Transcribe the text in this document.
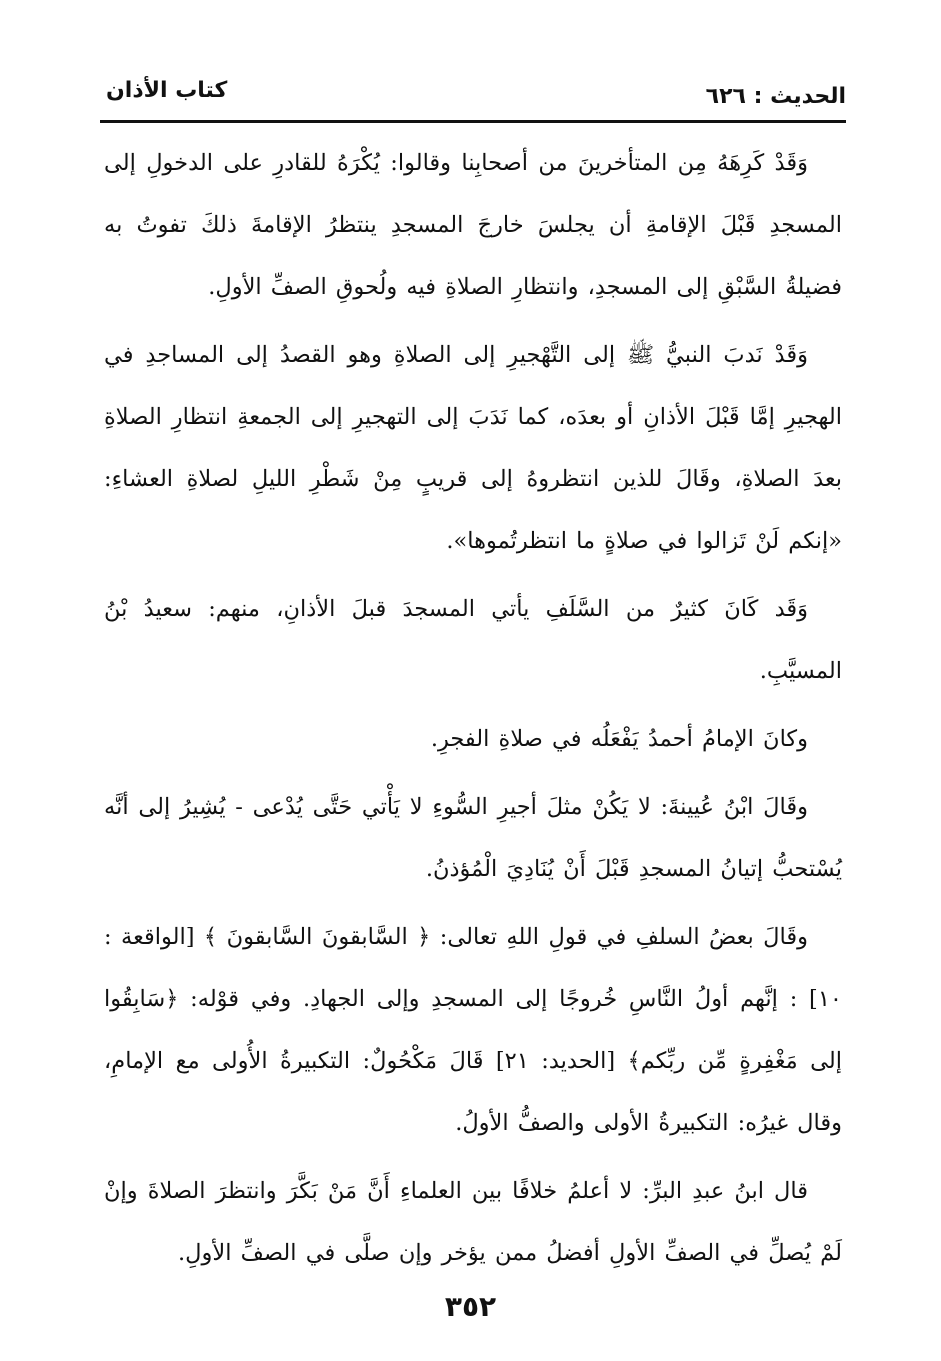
الحديث : ٦٢٦
كتاب الأذان

وَقَدْ كَرِهَهُ مِن المتأخرينَ من أصحابِنا وقالوا: يُكْرَهُ للقادرِ على الدخولِ إلى المسجدِ قَبْلَ الإقامةِ أن يجلسَ خارجَ المسجدِ ينتظرُ الإقامةَ ذلكَ تفوتُ به فضيلةُ السَّبْقِ إلى المسجدِ، وانتظارِ الصلاةِ فيه ولُحوقِ الصفِّ الأولِ.

وَقَدْ نَدبَ النبيُّ ﷺ إلى التَّهْجيرِ إلى الصلاةِ وهو القصدُ إلى المساجدِ في الهجيرِ إمَّا قَبْلَ الأذانِ أو بعدَه، كما نَدَبَ إلى التهجيرِ إلى الجمعةِ انتظارِ الصلاةِ بعدَ الصلاةِ، وقَالَ للذين انتظروهُ إلى قريبٍ مِنْ شَطْرِ الليلِ لصلاةِ العشاءِ: «إنكم لَنْ تَزالوا في صلاةٍ ما انتظرتُموها».

وَقَد كَانَ كثيرٌ من السَّلَفِ يأتي المسجدَ قبلَ الأذانِ، منهم: سعيدُ بْنُ المسيَّبِ.

وكانَ الإمامُ أحمدُ يَفْعَلُه في صلاةِ الفجرِ.

وقَالَ ابْنُ عُيينةَ: لا يَكُنْ مثلَ أجيرِ السُّوءِ لا يَأْتي حَتَّى يُدْعى - يُشِيرُ إلى أنَّه يُسْتحبُّ إتيانُ المسجدِ قَبْلَ أَنْ يُنَادِيَ الْمُؤذنُ.

وقَالَ بعضُ السلفِ في قولِ اللهِ تعالى: ﴿ السَّابقونَ السَّابقونَ ﴾ [الواقعة : ١٠] : إنَّهم أولُ النَّاسِ خُروجًا إلى المسجدِ وإلى الجهادِ. وفي قوْله: ﴿سَابِقُوا إلى مَغْفِرةٍ مِّن ربِّكم﴾ [الحديد: ٢١] قَالَ مَكْحُولٌ: التكبيرةُ الأُولى مع الإمامِ، وقال غيرُه: التكبيرةُ الأولى والصفُّ الأولُ.

قال ابنُ عبدِ البرِّ: لا أعلمُ خلافًا بين العلماءِ أَنَّ مَنْ بَكَّرَ وانتظرَ الصلاةَ وإنْ لَمْ يُصلِّ في الصفِّ الأولِ أفضلُ ممن يؤخر وإن صلَّى في الصفِّ الأولِ.

٣٥٢
